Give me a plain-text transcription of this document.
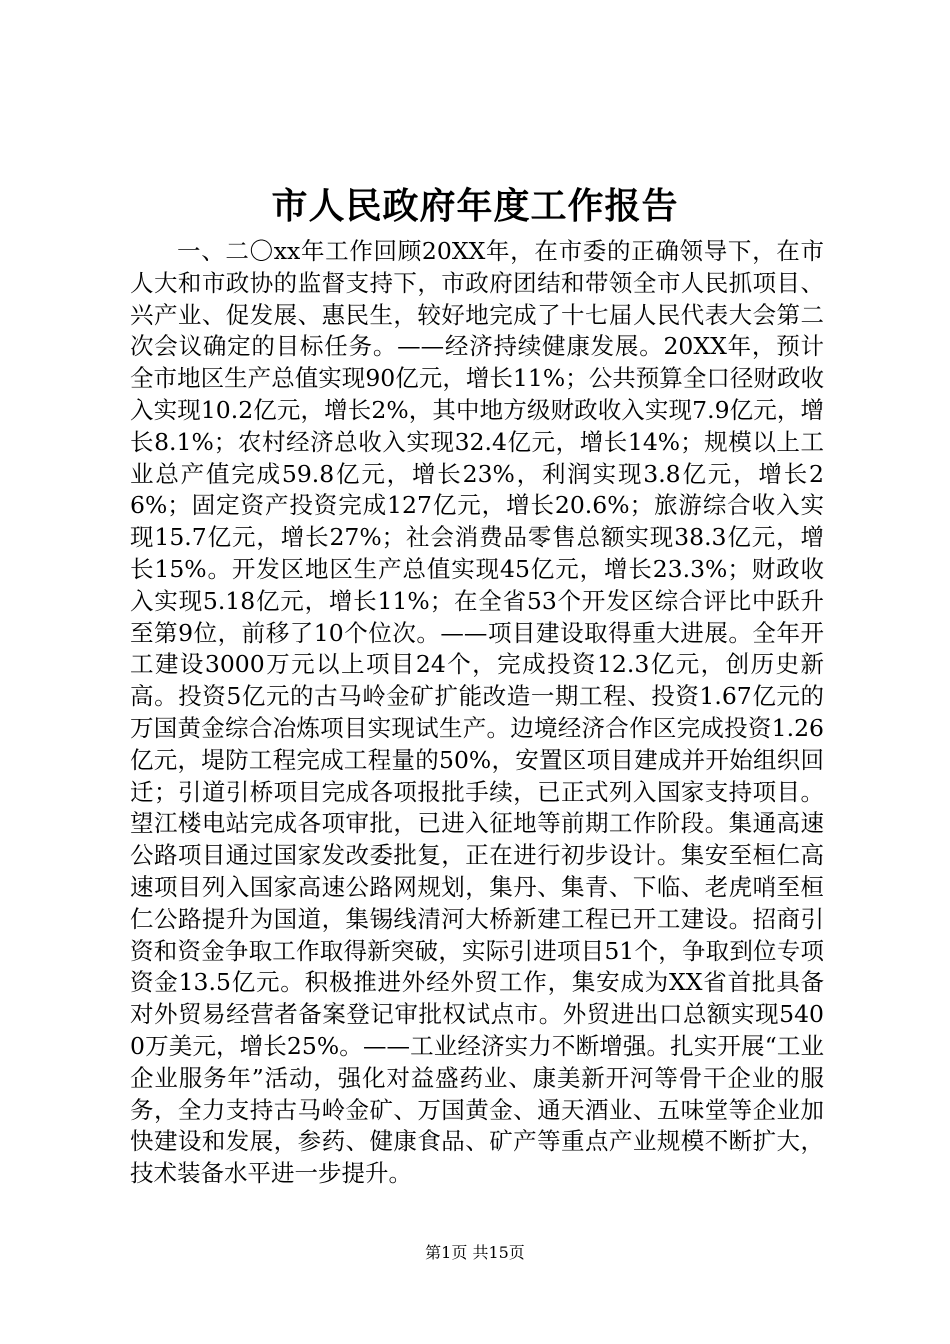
市人民政府年度工作报告

一、二〇xx年工作回顾20XX年，在市委的正确领导下，在市人大和市政协的监督支持下，市政府团结和带领全市人民抓项目、兴产业、促发展、惠民生，较好地完成了十七届人民代表大会第二次会议确定的目标任务。——经济持续健康发展。20XX年，预计全市地区生产总值实现90亿元，增长11%；公共预算全口径财政收入实现10.2亿元，增长2%，其中地方级财政收入实现7.9亿元，增长8.1%；农村经济总收入实现32.4亿元，增长14%；规模以上工业总产值完成59.8亿元，增长23%，利润实现3.8亿元，增长26%；固定资产投资完成127亿元，增长20.6%；旅游综合收入实现15.7亿元，增长27%；社会消费品零售总额实现38.3亿元，增长15%。开发区地区生产总值实现45亿元，增长23.3%；财政收入实现5.18亿元，增长11%；在全省53个开发区综合评比中跃升至第9位，前移了10个位次。——项目建设取得重大进展。全年开工建设3000万元以上项目24个，完成投资12.3亿元，创历史新高。投资5亿元的古马岭金矿扩能改造一期工程、投资1.67亿元的万国黄金综合冶炼项目实现试生产。边境经济合作区完成投资1.26亿元，堤防工程完成工程量的50%，安置区项目建成并开始组织回迁；引道引桥项目完成各项报批手续，已正式列入国家支持项目。望江楼电站完成各项审批，已进入征地等前期工作阶段。集通高速公路项目通过国家发改委批复，正在进行初步设计。集安至桓仁高速项目列入国家高速公路网规划，集丹、集青、下临、老虎哨至桓仁公路提升为国道，集锡线清河大桥新建工程已开工建设。招商引资和资金争取工作取得新突破，实际引进项目51个，争取到位专项资金13.5亿元。积极推进外经外贸工作，集安成为XX省首批具备对外贸易经营者备案登记审批权试点市。外贸进出口总额实现5400万美元，增长25%。——工业经济实力不断增强。扎实开展“工业企业服务年”活动，强化对益盛药业、康美新开河等骨干企业的服务，全力支持古马岭金矿、万国黄金、通天酒业、五味堂等企业加快建设和发展，参药、健康食品、矿产等重点产业规模不断扩大，技术装备水平进一步提升。

第1页 共15页
